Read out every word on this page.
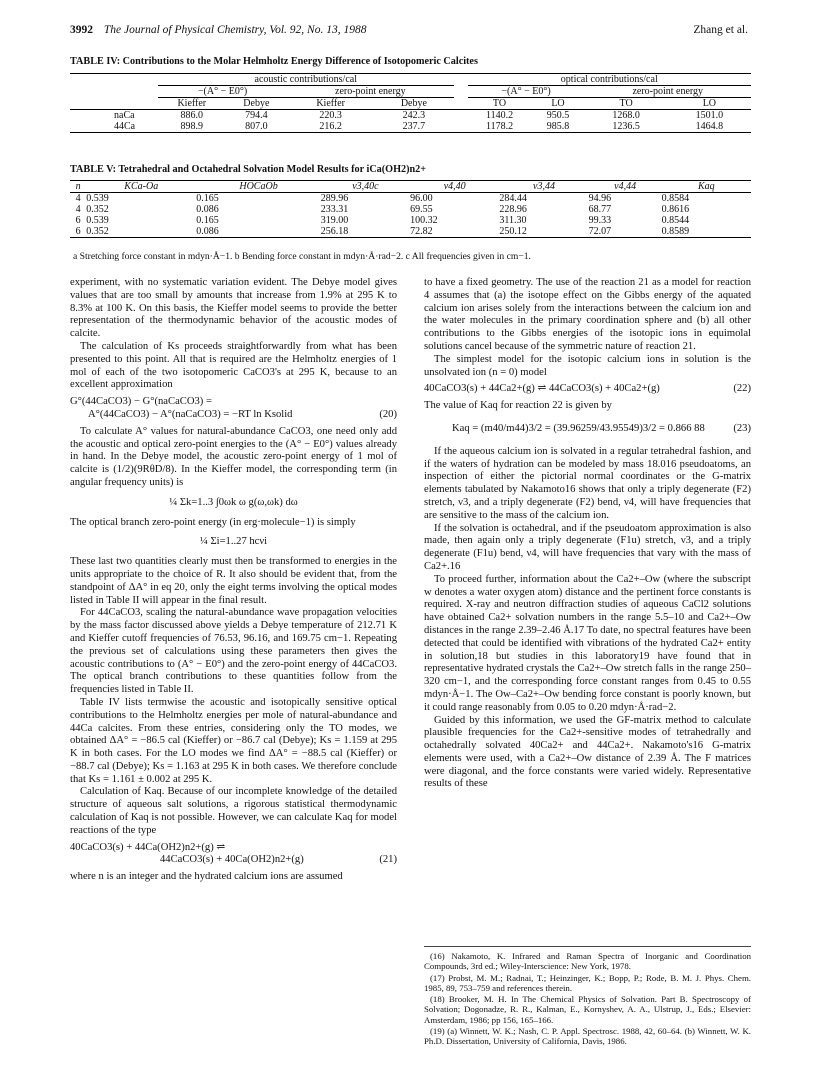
3992 The Journal of Physical Chemistry, Vol. 92, No. 13, 1988	Zhang et al.
TABLE IV: Contributions to the Molar Helmholtz Energy Difference of Isotopomeric Calcites
	acoustic contributions/cal					optical contributions/cal			
	−(A° − E0°)		zero-point energy			−(A° − E0°)		zero-point energy	
	Kieffer	Debye	Kieffer	Debye		TO	LO	TO	LO
naCa	886.0	794.4	220.3	242.3		1140.2	950.5	1268.0	1501.0
44Ca	898.9	807.0	216.2	237.7		1178.2	985.8	1236.5	1464.8
TABLE V: Tetrahedral and Octahedral Solvation Model Results for iCa(OH2)n2+
n	KCa-Oa	HOCaOb	ν3,40c	ν4,40	ν3,44	ν4,44	Kaq
4	0.539	0.165	289.96	96.00	284.44	94.96	0.8584
4	0.352	0.086	233.31	69.55	228.96	68.77	0.8616
6	0.539	0.165	319.00	100.32	311.30	99.33	0.8544
6	0.352	0.086	256.18	72.82	250.12	72.07	0.8589
a Stretching force constant in mdyn·Å−1. b Bending force constant in mdyn·Å·rad−2. c All frequencies given in cm−1.

experiment, with no systematic variation evident. The Debye model gives values that are too small by amounts that increase from 1.9% at 295 K to 8.3% at 100 K. On this basis, the Kieffer model seems to provide the better representation of the thermodynamic behavior of the acoustic modes of calcite.

The calculation of Ks proceeds straightforwardly from what has been presented to this point. All that is required are the Helmholtz energies of 1 mol of each of the two isotopomeric CaCO3's at 295 K, because to an excellent approximation

G°(44CaCO3) − G°(naCaCO3) =
A°(44CaCO3) − A°(naCaCO3) = −RT ln Ksolid	(20)

To calculate A° values for natural-abundance CaCO3, one need only add the acoustic and optical zero-point energies to the (A° − E0°) values already in hand. In the Debye model, the acoustic zero-point energy of 1 mol of calcite is (1/2)(9RθD/8). In the Kieffer model, the corresponding term (in angular frequency units) is

¼ Σk=1..3 ∫0ωk ω g(ω,ωk) dω

The optical branch zero-point energy (in erg·molecule−1) is simply

¼ Σi=1..27 hcνi

These last two quantities clearly must then be transformed to energies in the units appropriate to the choice of R. It also should be evident that, from the standpoint of ΔA° in eq 20, only the eight terms involving the optical modes listed in Table II will appear in the final result.

For 44CaCO3, scaling the natural-abundance wave propagation velocities by the mass factor discussed above yields a Debye temperature of 212.71 K and Kieffer cutoff frequencies of 76.53, 96.16, and 169.75 cm−1. Repeating the previous set of calculations using these parameters then gives the acoustic contributions to (A° − E0°) and the zero-point energy of 44CaCO3. The optical branch contributions to these quantities follow from the frequencies listed in Table II.

Table IV lists termwise the acoustic and isotopically sensitive optical contributions to the Helmholtz energies per mole of natural-abundance and 44Ca calcites. From these entries, considering only the TO modes, we obtained ΔA° = −86.5 cal (Kieffer) or −86.7 cal (Debye); Ks = 1.159 at 295 K in both cases. For the LO modes we find ΔA° = −88.5 cal (Kieffer) or −88.7 cal (Debye); Ks = 1.163 at 295 K in both cases. We therefore conclude that Ks = 1.161 ± 0.002 at 295 K.

Calculation of Kaq. Because of our incomplete knowledge of the detailed structure of aqueous salt solutions, a rigorous statistical thermodynamic calculation of Kaq is not possible. However, we can calculate Kaq for model reactions of the type

40CaCO3(s) + 44Ca(OH2)n2+(g) ⇌
44CaCO3(s) + 40Ca(OH2)n2+(g)	(21)

where n is an integer and the hydrated calcium ions are assumed

to have a fixed geometry. The use of the reaction 21 as a model for reaction 4 assumes that (a) the isotope effect on the Gibbs energy of the aquated calcium ion arises solely from the interactions between the calcium ion and the water molecules in the primary coordination sphere and (b) all other contributions to the Gibbs energies of the isotopic ions in equimolal solutions cancel because of the symmetric nature of reaction 21.

The simplest model for the isotopic calcium ions in solution is the unsolvated ion (n = 0) model

40CaCO3(s) + 44Ca2+(g) ⇌ 44CaCO3(s) + 40Ca2+(g)	(22)

The value of Kaq for reaction 22 is given by

Kaq = (m40/m44)3/2 = (39.96259/43.95549)3/2 = 0.866 88	(23)

If the aqueous calcium ion is solvated in a regular tetrahedral fashion, and if the waters of hydration can be modeled by mass 18.016 pseudoatoms, an inspection of either the pictorial normal coordinates or the G-matrix elements tabulated by Nakamoto16 shows that only a triply degenerate (F2) stretch, ν3, and a triply degenerate (F2) bend, ν4, will have frequencies that are sensitive to the mass of the calcium ion.

If the solvation is octahedral, and if the pseudoatom approximation is also made, then again only a triply degenerate (F1u) stretch, ν3, and a triply degenerate (F1u) bend, ν4, will have frequencies that vary with the mass of Ca2+.16

To proceed further, information about the Ca2+–Ow (where the subscript w denotes a water oxygen atom) distance and the pertinent force constants is required. X-ray and neutron diffraction studies of aqueous CaCl2 solutions have obtained Ca2+ solvation numbers in the range 5.5–10 and Ca2+–Ow distances in the range 2.39–2.46 Å.17 To date, no spectral features have been detected that could be identified with vibrations of the hydrated Ca2+ entity in solution,18 but studies in this laboratory19 have found that in representative hydrated crystals the Ca2+–Ow stretch falls in the range 250–320 cm−1, and the corresponding force constant ranges from 0.45 to 0.55 mdyn·Å−1. The Ow–Ca2+–Ow bending force constant is poorly known, but it could range reasonably from 0.05 to 0.20 mdyn·Å·rad−2.

Guided by this information, we used the GF-matrix method to calculate plausible frequencies for the Ca2+-sensitive modes of tetrahedrally and octahedrally solvated 40Ca2+ and 44Ca2+. Nakamoto's16 G-matrix elements were used, with a Ca2+–Ow distance of 2.39 Å. The F matrices were diagonal, and the force constants were varied widely. Representative results of these

(16) Nakamoto, K. Infrared and Raman Spectra of Inorganic and Coordination Compounds, 3rd ed.; Wiley-Interscience: New York, 1978.

(17) Probst, M. M.; Radnai, T.; Heinzinger, K.; Bopp, P.; Rode, B. M. J. Phys. Chem. 1985, 89, 753–759 and references therein.

(18) Brooker, M. H. In The Chemical Physics of Solvation. Part B. Spectroscopy of Solvation; Dogonadze, R. R., Kalman, E., Kornyshev, A. A., Ulstrup, J., Eds.; Elsevier: Amsterdam, 1986; pp 156, 165–166.

(19) (a) Winnett, W. K.; Nash, C. P. Appl. Spectrosc. 1988, 42, 60–64. (b) Winnett, W. K. Ph.D. Dissertation, University of California, Davis, 1986.
